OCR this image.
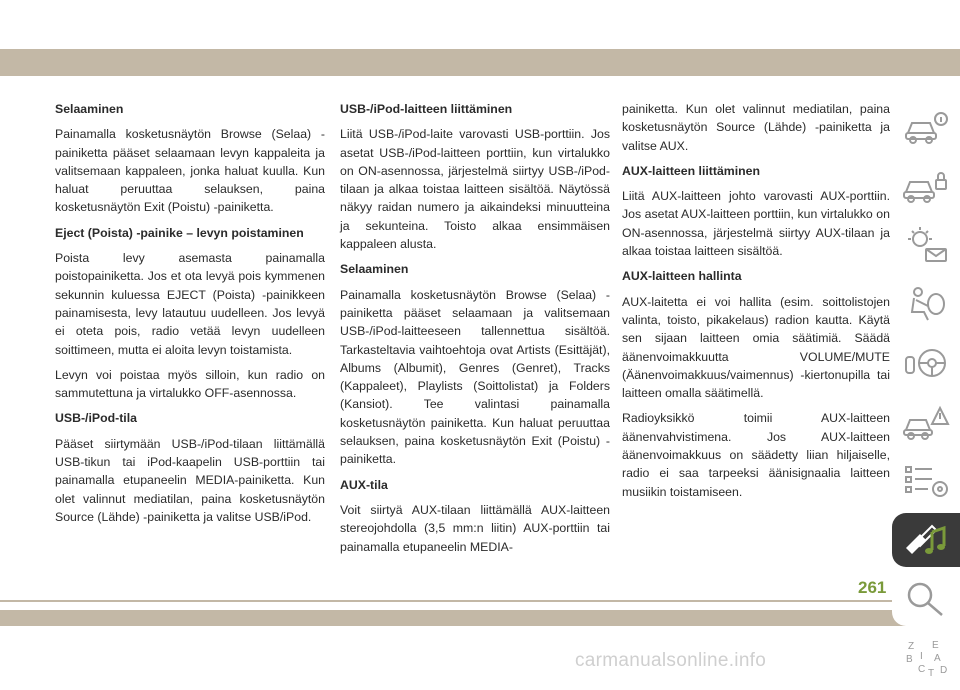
Selaaminen

Painamalla kosketusnäytön Browse (Selaa) -painiketta pääset selaamaan levyn kappaleita ja valitsemaan kappaleen, jonka haluat kuulla. Kun haluat peruuttaa selauksen, paina kosketusnäytön Exit (Poistu) -painiketta.

Eject (Poista) -painike – levyn poistaminen

Poista levy asemasta painamalla poistopainiketta. Jos et ota levyä pois kymmenen sekunnin kuluessa EJECT (Poista) -painikkeen painamisesta, levy latautuu uudelleen. Jos levyä ei oteta pois, radio vetää levyn uudelleen soittimeen, mutta ei aloita levyn toistamista.

Levyn voi poistaa myös silloin, kun radio on sammutettuna ja virtalukko OFF-asennossa.

USB-/iPod-tila

Pääset siirtymään USB-/iPod-tilaan liittämällä USB-tikun tai iPod-kaapelin USB-porttiin tai painamalla etupaneelin MEDIA-painiketta. Kun olet valinnut mediatilan, paina kosketusnäytön Source (Lähde) -painiketta ja valitse USB/iPod.

USB-/iPod-laitteen liittäminen

Liitä USB-/iPod-laite varovasti USB-porttiin. Jos asetat USB-/iPod-laitteen porttiin, kun virtalukko on ON-asennossa, järjestelmä siirtyy USB-/iPod-tilaan ja alkaa toistaa laitteen sisältöä. Näytössä näkyy raidan numero ja aikaindeksi minuutteina ja sekunteina. Toisto alkaa ensimmäisen kappaleen alusta.

Selaaminen

Painamalla kosketusnäytön Browse (Selaa) -painiketta pääset selaamaan ja valitsemaan USB-/iPod-laitteeseen tallennettua sisältöä. Tarkasteltavia vaihtoehtoja ovat Artists (Esittäjät), Albums (Albumit), Genres (Genret), Tracks (Kappaleet), Playlists (Soittolistat) ja Folders (Kansiot). Tee valintasi painamalla kosketusnäytön painiketta. Kun haluat peruuttaa selauksen, paina kosketusnäytön Exit (Poistu) -painiketta.

AUX-tila

Voit siirtyä AUX-tilaan liittämällä AUX-laitteen stereojohdolla (3,5 mm:n liitin) AUX-porttiin tai painamalla etupaneelin MEDIA-

painiketta. Kun olet valinnut mediatilan, paina kosketusnäytön Source (Lähde) -painiketta ja valitse AUX.

AUX-laitteen liittäminen

Liitä AUX-laitteen johto varovasti AUX-porttiin. Jos asetat AUX-laitteen porttiin, kun virtalukko on ON-asennossa, järjestelmä siirtyy AUX-tilaan ja alkaa toistaa laitteen sisältöä.

AUX-laitteen hallinta

AUX-laitetta ei voi hallita (esim. soittolistojen valinta, toisto, pikakelaus) radion kautta. Käytä sen sijaan laitteen omia säätimiä. Säädä äänenvoimakkuutta VOLUME/MUTE (Äänenvoimakkuus/vaimennus) -kiertonupilla tai laitteen omalla säätimellä.

Radioyksikkö toimii AUX-laitteen äänenvahvistimena. Jos AUX-laitteen äänenvoimakkuus on säädetty liian hiljaiselle, radio ei saa tarpeeksi äänisignaalia laitteen musiikin toistamiseen.

Z
B
E
A
C D
I
T
261
carmanualsonline.info
